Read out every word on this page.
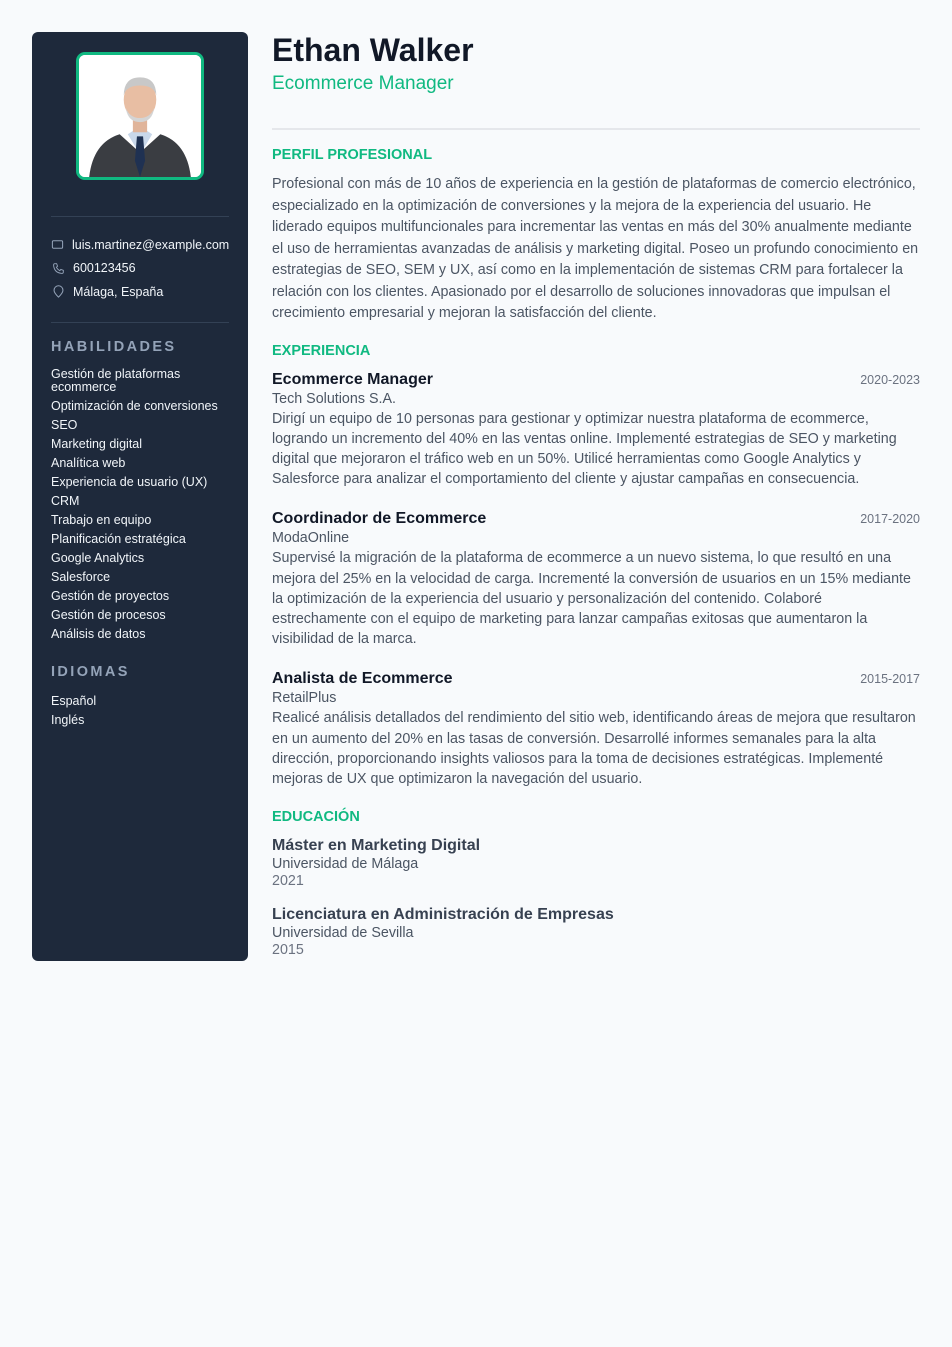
luis.martinez@example.com
600123456
Málaga, España
HABILIDADES
Gestión de plataformas ecommerce
Optimización de conversiones
SEO
Marketing digital
Analítica web
Experiencia de usuario (UX)
CRM
Trabajo en equipo
Planificación estratégica
Google Analytics
Salesforce
Gestión de proyectos
Gestión de procesos
Análisis de datos
IDIOMAS
Español
Inglés
Ethan Walker
Ecommerce Manager
PERFIL PROFESIONAL

Profesional con más de 10 años de experiencia en la gestión de plataformas de comercio electrónico, especializado en la optimización de conversiones y la mejora de la experiencia del usuario. He liderado equipos multifuncionales para incrementar las ventas en más del 30% anualmente mediante el uso de herramientas avanzadas de análisis y marketing digital. Poseo un profundo conocimiento en estrategias de SEO, SEM y UX, así como en la implementación de sistemas CRM para fortalecer la relación con los clientes. Apasionado por el desarrollo de soluciones innovadoras que impulsan el crecimiento empresarial y mejoran la satisfacción del cliente.

EXPERIENCIA
Ecommerce Manager	2020-2023
Tech Solutions S.A.

Dirigí un equipo de 10 personas para gestionar y optimizar nuestra plataforma de ecommerce, logrando un incremento del 40% en las ventas online. Implementé estrategias de SEO y marketing digital que mejoraron el tráfico web en un 50%. Utilicé herramientas como Google Analytics y Salesforce para analizar el comportamiento del cliente y ajustar campañas en consecuencia.

Coordinador de Ecommerce	2017-2020
ModaOnline

Supervisé la migración de la plataforma de ecommerce a un nuevo sistema, lo que resultó en una mejora del 25% en la velocidad de carga. Incrementé la conversión de usuarios en un 15% mediante la optimización de la experiencia del usuario y personalización del contenido. Colaboré estrechamente con el equipo de marketing para lanzar campañas exitosas que aumentaron la visibilidad de la marca.

Analista de Ecommerce	2015-2017
RetailPlus

Realicé análisis detallados del rendimiento del sitio web, identificando áreas de mejora que resultaron en un aumento del 20% en las tasas de conversión. Desarrollé informes semanales para la alta dirección, proporcionando insights valiosos para la toma de decisiones estratégicas. Implementé mejoras de UX que optimizaron la navegación del usuario.

EDUCACIÓN
Máster en Marketing Digital
Universidad de Málaga
2021
Licenciatura en Administración de Empresas
Universidad de Sevilla
2015
